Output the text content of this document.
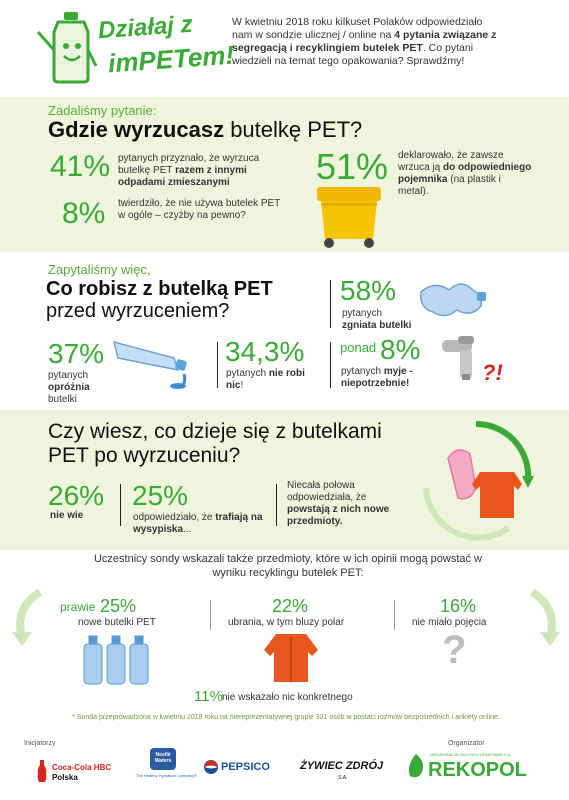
Działaj z
imPETem!
W kwietniu 2018 roku kilkuset Polaków odpowiedziało nam w sondzie ulicznej / online na 4 pytania związane z segregacją i recyklingiem butelek PET. Co pytani wiedzieli na temat tego opakowania? Sprawdźmy!
Zadaliśmy pytanie:
Gdzie wyrzucasz butelkę PET?
41% pytanych przyznało, że wyrzuca butelkę PET razem z innymi odpadami zmieszanymi
8% twierdziło, że nie używa butelek PET w ogóle – czyżby na pewno?
51% deklarowało, że zawsze wrzuca ją do odpowiedniego pojemnika (na plastik i metal).
Zapytaliśmy więc,
Co robisz z butelką PET
przed wyrzuceniem?
58%
pytanych zgniata butelki
37%
pytanych opróżnia butelki
34,3%
pytanych nie robi nic!
ponad 8%
pytanych myje - niepotrzebnie!	?!
Czy wiesz, co dzieje się z butelkami PET po wyrzuceniu?
26%
nie wie
25%
odpowiedziało, że trafiają na wysypiska...
Niecała połowa odpowiedziała, że powstają z nich nowe przedmioty.
Uczestnicy sondy wskazali także przedmioty, które w ich opinii mogą powstać w wyniku recyklingu butelek PET:
prawie 25%
nowe butelki PET
22%
ubrania, w tym bluzy polar
16%
nie miało pojęcia
?
11% nie wskazało nic konkretnego
* Sonda przeprowadzona w kwietniu 2018 roku na niereprezentatywnej grupie 331 osób w postaci rozmów bezpośrednich i ankiety online.
Inicjatorzy	Organizator
Coca-Cola HBC
Polska
Nestlé Waters
The Healthy Hydration Company®
PEPSICO	ŻYWIEC ZDRÓJ
S.A.
ORGANIZACJA ODZYSKU OPAKOWAŃ S.A.
REKOPOL
